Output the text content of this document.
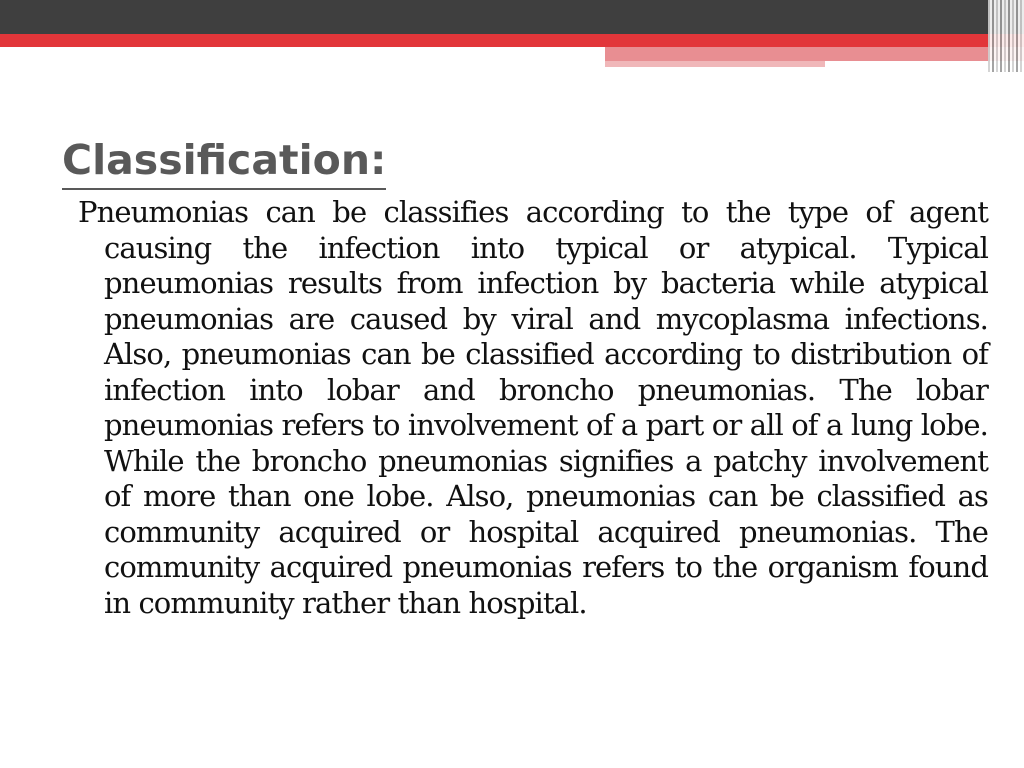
Classification:

Pneumonias can be classifies according to the type of agent causing the infection into typical or atypical. Typical pneumonias results from infection by bacteria while atypical pneumonias are caused by viral and mycoplasma infections. Also, pneumonias can be classified according to distribution of infection into lobar and broncho pneumonias. The lobar pneumonias refers to involvement of a part or all of a lung lobe. While the broncho pneumonias signifies a patchy involvement of more than one lobe. Also, pneumonias can be classified as community acquired or hospital acquired pneumonias. The community acquired pneumonias refers to the organism found in community rather than hospital.
